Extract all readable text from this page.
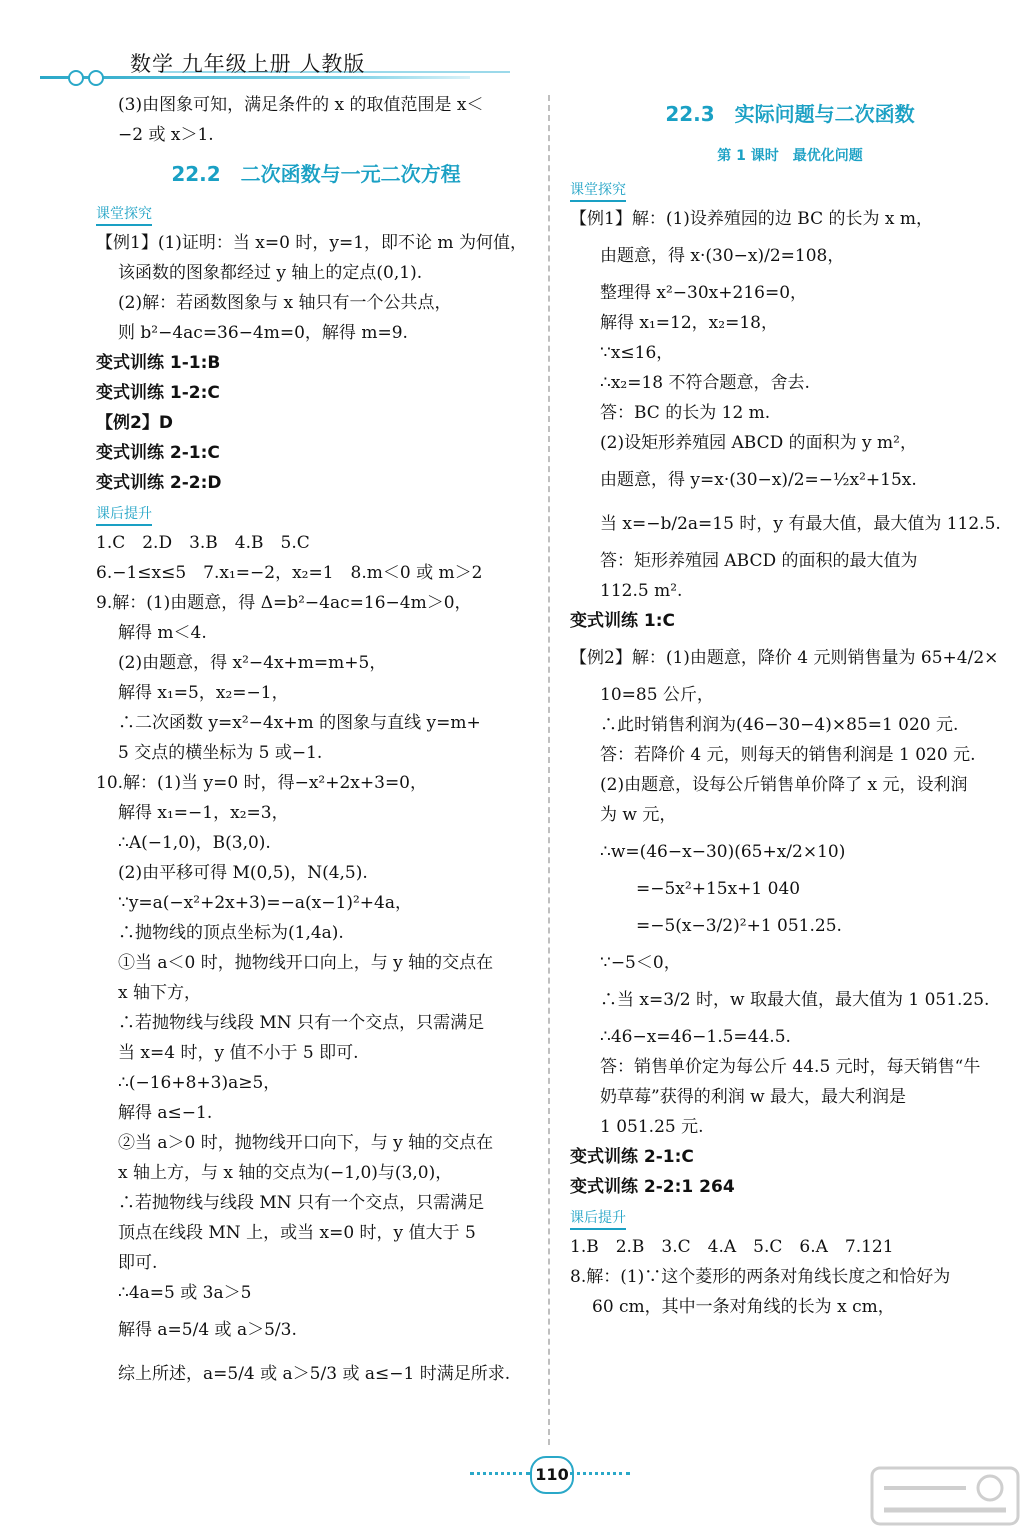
数学 九年级上册 人教版
(3)由图象可知，满足条件的 x 的取值范围是 x＜
−2 或 x＞1.
22.2　二次函数与一元二次方程
课堂探究
【例1】(1)证明：当 x=0 时，y=1，即不论 m 为何值，
该函数的图象都经过 y 轴上的定点(0,1).
(2)解：若函数图象与 x 轴只有一个公共点，
则 b²−4ac=36−4m=0，解得 m=9.
变式训练 1-1:B
变式训练 1-2:C
【例2】D
变式训练 2-1:C
变式训练 2-2:D
课后提升
1.C　2.D　3.B　4.B　5.C
6.−1≤x≤5　7.x₁=−2，x₂=1　8.m＜0 或 m＞2
9.解：(1)由题意，得 Δ=b²−4ac=16−4m＞0，
解得 m＜4.
(2)由题意，得 x²−4x+m=m+5，
解得 x₁=5，x₂=−1，
∴二次函数 y=x²−4x+m 的图象与直线 y=m+
5 交点的横坐标为 5 或−1.
10.解：(1)当 y=0 时，得−x²+2x+3=0，
解得 x₁=−1，x₂=3，
∴A(−1,0)，B(3,0).
(2)由平移可得 M(0,5)，N(4,5).
∵y=a(−x²+2x+3)=−a(x−1)²+4a，
∴抛物线的顶点坐标为(1,4a).
①当 a＜0 时，抛物线开口向上，与 y 轴的交点在
x 轴下方，
∴若抛物线与线段 MN 只有一个交点，只需满足
当 x=4 时，y 值不小于 5 即可.
∴(−16+8+3)a≥5，
解得 a≤−1.
②当 a＞0 时，抛物线开口向下，与 y 轴的交点在
x 轴上方，与 x 轴的交点为(−1,0)与(3,0)，
∴若抛物线与线段 MN 只有一个交点，只需满足
顶点在线段 MN 上，或当 x=0 时，y 值大于 5
即可.
∴4a=5 或 3a＞5
解得 a=5/4 或 a＞5/3.
综上所述，a=5/4 或 a＞5/3 或 a≤−1 时满足所求.
22.3　实际问题与二次函数
第 1 课时　最优化问题
课堂探究
【例1】解：(1)设养殖园的边 BC 的长为 x m，
由题意，得 x·(30−x)/2=108，
整理得 x²−30x+216=0，
解得 x₁=12，x₂=18，
∵x≤16，
∴x₂=18 不符合题意，舍去.
答：BC 的长为 12 m.
(2)设矩形养殖园 ABCD 的面积为 y m²，
由题意，得 y=x·(30−x)/2=−½x²+15x.
当 x=−b/2a=15 时，y 有最大值，最大值为 112.5.
答：矩形养殖园 ABCD 的面积的最大值为
112.5 m².
变式训练 1:C
【例2】解：(1)由题意，降价 4 元则销售量为 65+4/2×
10=85 公斤，
∴此时销售利润为(46−30−4)×85=1 020 元.
答：若降价 4 元，则每天的销售利润是 1 020 元.
(2)由题意，设每公斤销售单价降了 x 元，设利润
为 w 元，
∴w=(46−x−30)(65+x/2×10)
=−5x²+15x+1 040
=−5(x−3/2)²+1 051.25.
∵−5＜0，
∴当 x=3/2 时，w 取最大值，最大值为 1 051.25.
∴46−x=46−1.5=44.5.
答：销售单价定为每公斤 44.5 元时，每天销售“牛
奶草莓”获得的利润 w 最大，最大利润是
1 051.25 元.
变式训练 2-1:C
变式训练 2-2:1 264
课后提升
1.B　2.B　3.C　4.A　5.C　6.A　7.121
8.解：(1)∵这个菱形的两条对角线长度之和恰好为
60 cm，其中一条对角线的长为 x cm，
110
